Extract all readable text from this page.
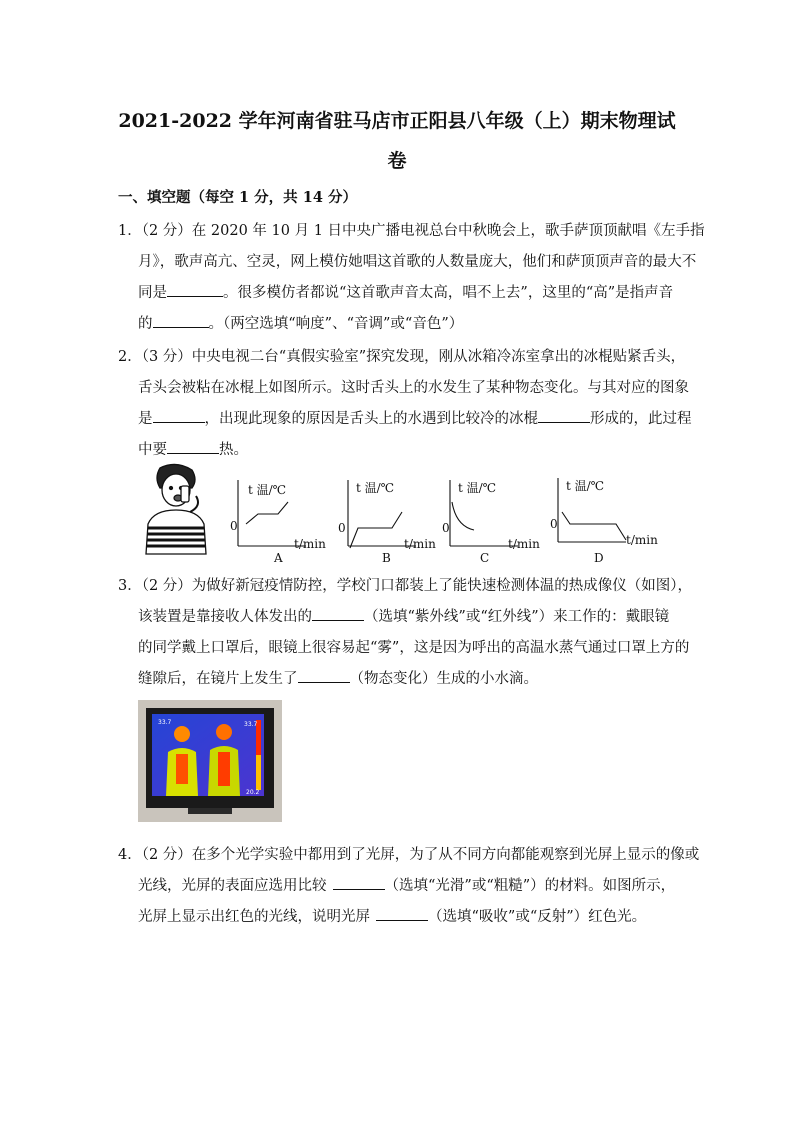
2021-2022 学年河南省驻马店市正阳县八年级（上）期末物理试
卷
一、填空题（每空 1 分，共 14 分）
1．（2 分）在 2020 年 10 月 1 日中央广播电视总台中秋晚会上，歌手萨顶顶献唱《左手指
月》，歌声高亢、空灵，网上模仿她唱这首歌的人数量庞大，他们和萨顶顶声音的最大不
同是	。很多模仿者都说“这首歌声音太高，唱不上去”，这里的“高”是指声音
的	。（两空选填“响度”、“音调”或“音色”）
2．（3 分）中央电视二台“真假实验室”探究发现，刚从冰箱冷冻室拿出的冰棍贴紧舌头，
舌头会被粘在冰棍上如图所示。这时舌头上的水发生了某种物态变化。与其对应的图象
是	，出现此现象的原因是舌头上的水遇到比较冷的冰棍	形成的，此过程
中要	热。
t 温/℃	t 温/℃	t 温/℃	t 温/℃
0	0	0	0
t/min	t/min	t/min	t/min
A	B	C	D
3．（2 分）为做好新冠疫情防控，学校门口都装上了能快速检测体温的热成像仪（如图），
该装置是靠接收人体发出的	（选填“紫外线”或“红外线”）来工作的：戴眼镜
的同学戴上口罩后，眼镜上很容易起“雾”，这是因为呼出的高温水蒸气通过口罩上方的
缝隙后，在镜片上发生了	（物态变化）生成的小水滴。
33.7	33.7
20.2
4．（2 分）在多个光学实验中都用到了光屏，为了从不同方向都能观察到光屏上显示的像或
光线，光屏的表面应选用比较	（选填“光滑”或“粗糙”）的材料。如图所示，
光屏上显示出红色的光线，说明光屏	（选填“吸收”或“反射”）红色光。
